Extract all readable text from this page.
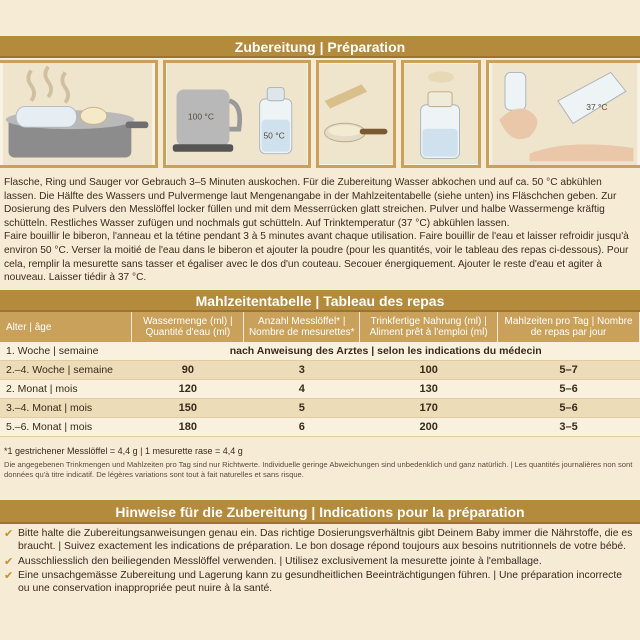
Zubereitung | Préparation
100 °C
50 °C
37 °C

Flasche, Ring und Sauger vor Gebrauch 3–5 Minuten auskochen. Für die Zubereitung Wasser abkochen und auf ca. 50 °C abkühlen lassen. Die Hälfte des Wassers und Pulvermenge laut Mengenangabe in der Mahlzeitentabelle (siehe unten) ins Fläschchen geben. Zur Dosierung des Pulvers den Messlöffel locker füllen und mit dem Messerrücken glatt streichen. Pulver und halbe Wassermenge kräftig schütteln. Restliches Wasser zufügen und nochmals gut schütteln. Auf Trinktemperatur (37 °C) abkühlen lassen.

Faire bouillir le biberon, l'anneau et la tétine pendant 3 à 5 minutes avant chaque utilisation. Faire bouillir de l'eau et laisser refroidir jusqu'à environ 50 °C. Verser la moitié de l'eau dans le biberon et ajouter la poudre (pour les quantités, voir le tableau des repas ci-dessous). Pour cela, remplir la mesurette sans tasser et égaliser avec le dos d'un couteau. Secouer énergiquement. Ajouter le reste d'eau et agiter à nouveau. Laisser tiédir à 37 °C.

Mahlzeitentabelle | Tableau des repas
Alter | âge	Wassermenge (ml) | Quantité d'eau (ml)	Anzahl Messlöffel* | Nombre de mesurettes*	Trinkfertige Nahrung (ml) | Aliment prêt à l'emploi (ml)	Mahlzeiten pro Tag | Nombre de repas par jour
1. Woche | semaine	nach Anweisung des Arztes | selon les indications du médecin			
2.–4. Woche | semaine	90	3	100	5–7
2. Monat | mois	120	4	130	5–6
3.–4. Monat | mois	150	5	170	5–6
5.–6. Monat | mois	180	6	200	3–5
*1 gestrichener Messlöffel = 4,4 g | 1 mesurette rase = 4,4 g
Die angegebenen Trinkmengen und Mahlzeiten pro Tag sind nur Richtwerte. Individuelle geringe Abweichungen sind unbedenklich und ganz natürlich. | Les quantités journalières non sont données qu'à titre indicatif. De légères variations sont tout à fait naturelles et sans risque.
Hinweise für die Zubereitung | Indications pour la préparation
✔ Bitte halte die Zubereitungsanweisungen genau ein. Das richtige Dosierungsverhältnis gibt Deinem Baby immer die Nährstoffe, die es braucht. | Suivez exactement les indications de préparation. Le bon dosage répond toujours aux besoins nutritionnels de votre bébé.
✔ Ausschliesslich den beiliegenden Messlöffel verwenden. | Utilisez exclusivement la mesurette jointe à l'emballage.
✔ Eine unsachgemässe Zubereitung und Lagerung kann zu gesundheitlichen Beeinträchtigungen führen. | Une préparation incorrecte ou une conservation inappropriée peut nuire à la santé.
